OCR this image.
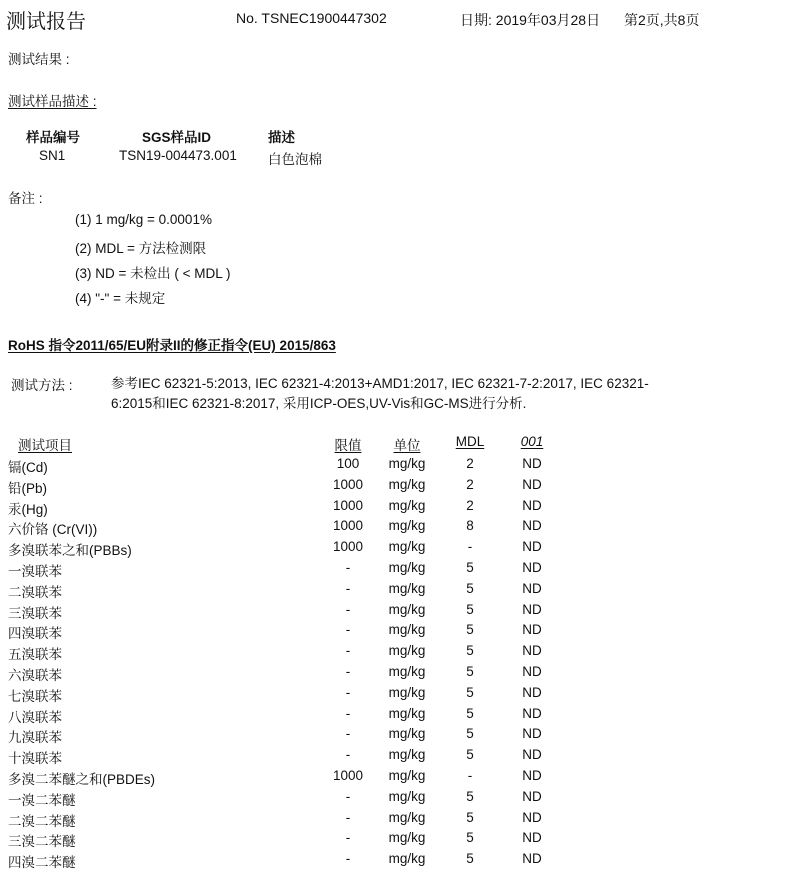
测试报告	No. TSNEC1900447302	日期: 2019年03月28日 第2页,共8页
测试结果 :
测试样品描述 :
样品编号	SGS样品ID	描述
SN1	TSN19-004473.001 白色泡棉
备注 :
(1) 1 mg/kg = 0.0001%
(2) MDL = 方法检测限
(3) ND = 未检出 ( < MDL )
(4) "-" = 未规定
RoHS 指令2011/65/EU附录II的修正指令(EU) 2015/863
测试方法 :	参考IEC 62321-5:2013, IEC 62321-4:2013+AMD1:2017, IEC 62321-7-2:2017, IEC 62321-6:2015和IEC 62321-8:2017, 采用ICP-OES,UV-Vis和GC-MS进行分析.
测试项目	限值	单位	MDL	001
镉(Cd)	100	mg/kg	2	ND
铅(Pb)	1000	mg/kg	2	ND
汞(Hg)	1000	mg/kg	2	ND
六价铬 (Cr(VI))	1000	mg/kg	8	ND
多溴联苯之和(PBBs)	1000	mg/kg	-	ND
一溴联苯	-	mg/kg	5	ND
二溴联苯	-	mg/kg	5	ND
三溴联苯	-	mg/kg	5	ND
四溴联苯	-	mg/kg	5	ND
五溴联苯	-	mg/kg	5	ND
六溴联苯	-	mg/kg	5	ND
七溴联苯	-	mg/kg	5	ND
八溴联苯	-	mg/kg	5	ND
九溴联苯	-	mg/kg	5	ND
十溴联苯	-	mg/kg	5	ND
多溴二苯醚之和(PBDEs)	1000	mg/kg	-	ND
一溴二苯醚	-	mg/kg	5	ND
二溴二苯醚	-	mg/kg	5	ND
三溴二苯醚	-	mg/kg	5	ND
四溴二苯醚	-	mg/kg	5	ND
